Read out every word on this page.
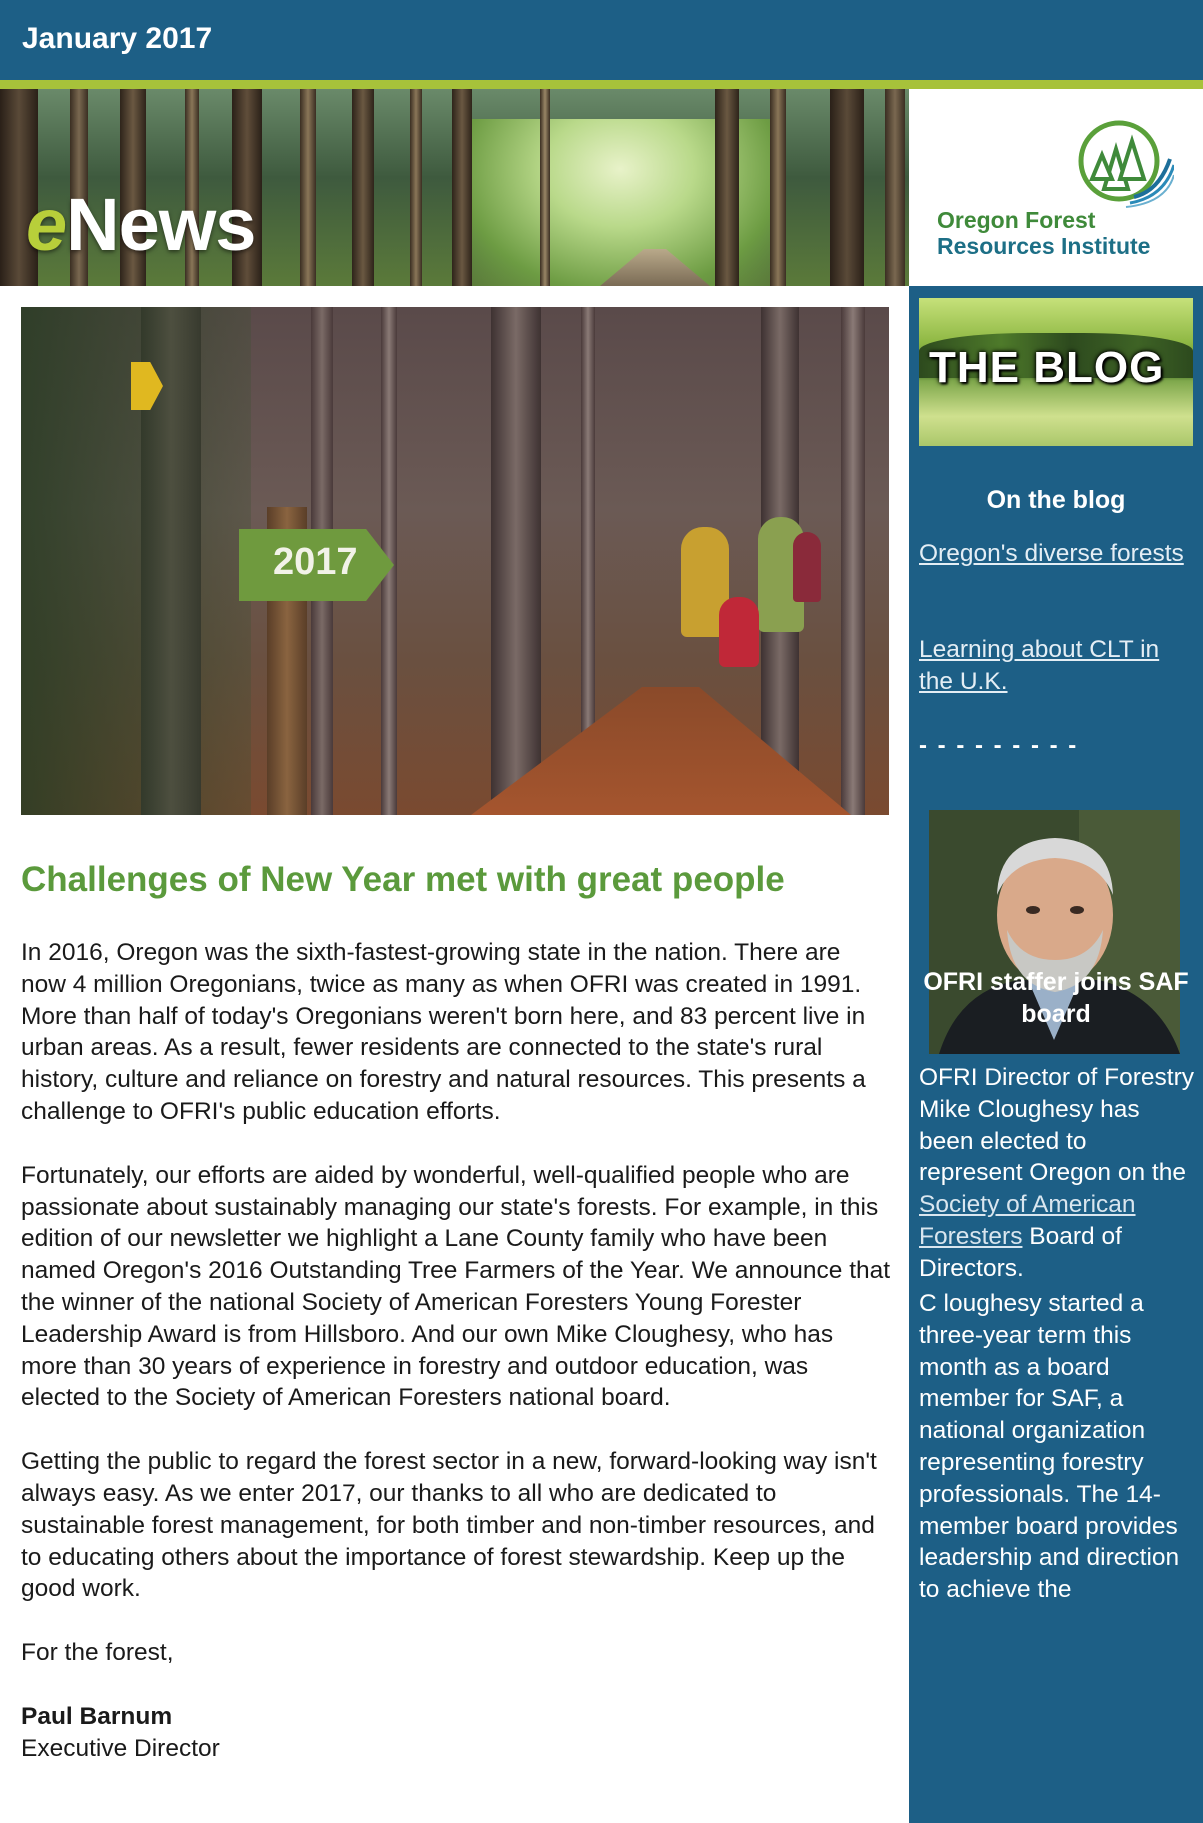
January 2017
eNews	Oregon Forest
Resources Institute
2017
Challenges of New Year met with great people

In 2016, Oregon was the sixth-fastest-growing state in the nation. There are now 4 million Oregonians, twice as many as when OFRI was created in 1991. More than half of today's Oregonians weren't born here, and 83 percent live in urban areas. As a result, fewer residents are connected to the state's rural history, culture and reliance on forestry and natural resources. This presents a challenge to OFRI's public education efforts.

Fortunately, our efforts are aided by wonderful, well-qualified people who are passionate about sustainably managing our state's forests. For example, in this edition of our newsletter we highlight a Lane County family who have been named Oregon's 2016 Outstanding Tree Farmers of the Year. We announce that the winner of the national Society of American Foresters Young Forester Leadership Award is from Hillsboro. And our own Mike Cloughesy, who has more than 30 years of experience in forestry and outdoor education, was elected to the Society of American Foresters national board.

Getting the public to regard the forest sector in a new, forward-looking way isn't always easy. As we enter 2017, our thanks to all who are dedicated to sustainable forest management, for both timber and non-timber resources, and to educating others about the importance of forest stewardship. Keep up the good work.

For the forest,

Paul Barnum

Executive Director

THE BLOG
On the blog
Oregon's diverse forests
Learning about CLT in the U.K.
- - - - - - - - -
OFRI staffer joins SAF board
OFRI Director of Forestry Mike Cloughesy has been elected to represent Oregon on the Society of American Foresters Board of Directors.
C loughesy started a three-year term this month as a board member for SAF, a national organization representing forestry professionals. The 14-member board provides leadership and direction to achieve the
